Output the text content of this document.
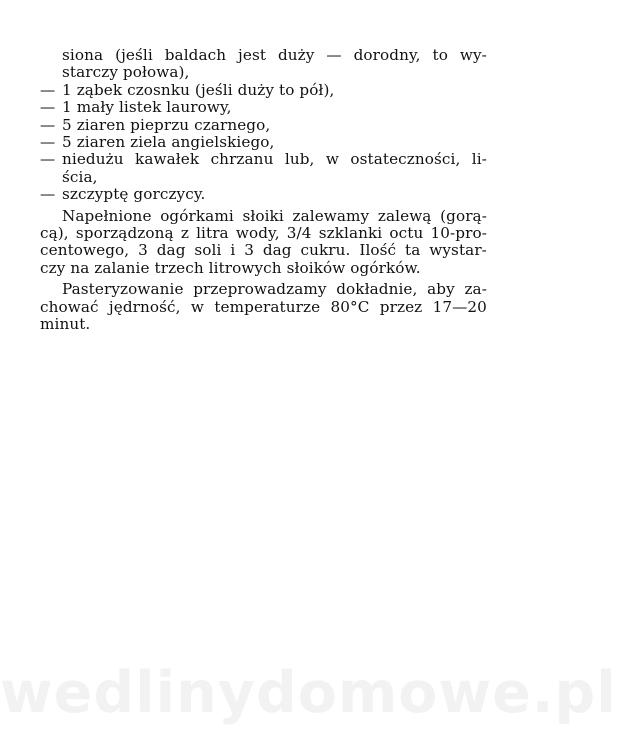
siona (jeśli baldach jest duży — dorodny, to wy-
starczy połowa),
— 1 ząbek czosnku (jeśli duży to pół),
— 1 mały listek laurowy,
— 5 ziaren pieprzu czarnego,
— 5 ziaren ziela angielskiego,
— niedużu kawałek chrzanu lub, w ostateczności, li-
ścia,
— szczyptę gorczycy.
Napełnione ogórkami słoiki zalewamy zalewą (gorą-
cą), sporządzoną z litra wody, 3/4 szklanki octu 10-pro-
centowego, 3 dag soli i 3 dag cukru. Ilość ta wystar-
czy na zalanie trzech litrowych słoików ogórków.
Pasteryzowanie przeprowadzamy dokładnie, aby za-
chować jędrność, w temperaturze 80°C przez 17—20
minut.
wedlinydomowe.pl
